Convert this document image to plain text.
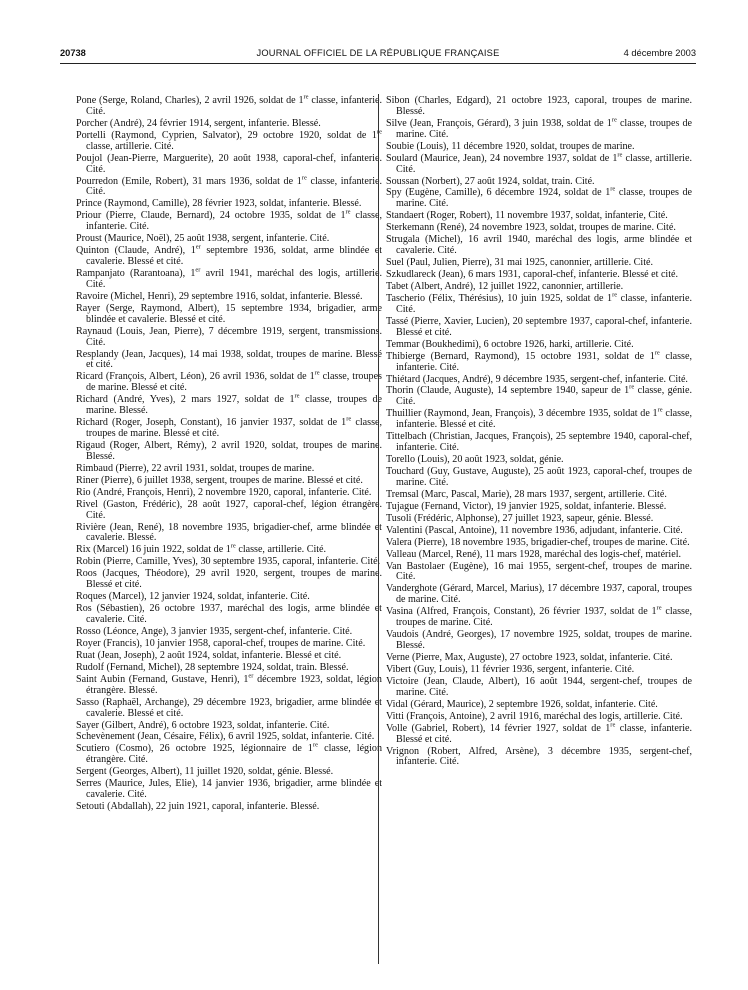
20738	JOURNAL OFFICIEL DE LA RÉPUBLIQUE FRANÇAISE	4 décembre 2003
Pone (Serge, Roland, Charles), 2 avril 1926, soldat de 1re classe, infanterie. Cité.
Porcher (André), 24 février 1914, sergent, infanterie. Blessé.
Portelli (Raymond, Cyprien, Salvator), 29 octobre 1920, soldat de 1re classe, artillerie. Cité.
Poujol (Jean-Pierre, Marguerite), 20 août 1938, caporal-chef, infanterie. Cité.
Pourredon (Emile, Robert), 31 mars 1936, soldat de 1re classe, infanterie. Cité.
Prince (Raymond, Camille), 28 février 1923, soldat, infanterie. Blessé.
Priour (Pierre, Claude, Bernard), 24 octobre 1935, soldat de 1re classe, infanterie. Cité.
Proust (Maurice, Noël), 25 août 1938, sergent, infanterie. Cité.
Quinton (Claude, André), 1er septembre 1936, soldat, arme blindée et cavalerie. Blessé et cité.
Rampanjato (Rarantoana), 1er avril 1941, maréchal des logis, artillerie. Cité.
Ravoire (Michel, Henri), 29 septembre 1916, soldat, infanterie. Blessé.
Rayer (Serge, Raymond, Albert), 15 septembre 1934, brigadier, arme blindée et cavalerie. Blessé et cité.
Raynaud (Louis, Jean, Pierre), 7 décembre 1919, sergent, transmissions. Cité.
Resplandy (Jean, Jacques), 14 mai 1938, soldat, troupes de marine. Blessé et cité.
Ricard (François, Albert, Léon), 26 avril 1936, soldat de 1re classe, troupes de marine. Blessé et cité.
Richard (André, Yves), 2 mars 1927, soldat de 1re classe, troupes de marine. Blessé.
Richard (Roger, Joseph, Constant), 16 janvier 1937, soldat de 1re classe, troupes de marine. Blessé et cité.
Rigaud (Roger, Albert, Rémy), 2 avril 1920, soldat, troupes de marine. Blessé.
Rimbaud (Pierre), 22 avril 1931, soldat, troupes de marine.
Riner (Pierre), 6 juillet 1938, sergent, troupes de marine. Blessé et cité.
Rio (André, François, Henri), 2 novembre 1920, caporal, infanterie. Cité.
Rivel (Gaston, Frédéric), 28 août 1927, caporal-chef, légion étrangère. Cité.
Rivière (Jean, René), 18 novembre 1935, brigadier-chef, arme blindée et cavalerie. Blessé.
Rix (Marcel) 16 juin 1922, soldat de 1re classe, artillerie. Cité.
Robin (Pierre, Camille, Yves), 30 septembre 1935, caporal, infanterie. Cité.
Roos (Jacques, Théodore), 29 avril 1920, sergent, troupes de marine. Blessé et cité.
Roques (Marcel), 12 janvier 1924, soldat, infanterie. Cité.
Ros (Sébastien), 26 octobre 1937, maréchal des logis, arme blindée et cavalerie. Cité.
Rosso (Léonce, Ange), 3 janvier 1935, sergent-chef, infanterie. Cité.
Royer (Francis), 10 janvier 1958, caporal-chef, troupes de marine. Cité.
Ruat (Jean, Joseph), 2 août 1924, soldat, infanterie. Blessé et cité.
Rudolf (Fernand, Michel), 28 septembre 1924, soldat, train. Blessé.
Saint Aubin (Fernand, Gustave, Henri), 1er décembre 1923, soldat, légion étrangère. Blessé.
Sasso (Raphaël, Archange), 29 décembre 1923, brigadier, arme blindée et cavalerie. Blessé et cité.
Sayer (Gilbert, André), 6 octobre 1923, soldat, infanterie. Cité.
Schevènement (Jean, Césaire, Félix), 6 avril 1925, soldat, infanterie. Cité.
Scutiero (Cosmo), 26 octobre 1925, légionnaire de 1re classe, légion étrangère. Cité.
Sergent (Georges, Albert), 11 juillet 1920, soldat, génie. Blessé.
Serres (Maurice, Jules, Elie), 14 janvier 1936, brigadier, arme blindée et cavalerie. Cité.
Setouti (Abdallah), 22 juin 1921, caporal, infanterie. Blessé.
Sibon (Charles, Edgard), 21 octobre 1923, caporal, troupes de marine. Blessé.
Silve (Jean, François, Gérard), 3 juin 1938, soldat de 1re classe, troupes de marine. Cité.
Soubie (Louis), 11 décembre 1920, soldat, troupes de marine.
Soulard (Maurice, Jean), 24 novembre 1937, soldat de 1re classe, artillerie. Cité.
Soussan (Norbert), 27 août 1924, soldat, train. Cité.
Spy (Eugène, Camille), 6 décembre 1924, soldat de 1re classe, troupes de marine. Cité.
Standaert (Roger, Robert), 11 novembre 1937, soldat, infanterie, Cité.
Sterkemann (René), 24 novembre 1923, soldat, troupes de marine. Cité.
Strugala (Michel), 16 avril 1940, maréchal des logis, arme blindée et cavalerie. Cité.
Suel (Paul, Julien, Pierre), 31 mai 1925, canonnier, artillerie. Cité.
Szkudlareck (Jean), 6 mars 1931, caporal-chef, infanterie. Blessé et cité.
Tabet (Albert, André), 12 juillet 1922, canonnier, artillerie.
Tascherio (Félix, Thérésius), 10 juin 1925, soldat de 1re classe, infanterie. Cité.
Tassé (Pierre, Xavier, Lucien), 20 septembre 1937, caporal-chef, infanterie. Blessé et cité.
Temmar (Boukhedimi), 6 octobre 1926, harki, artillerie. Cité.
Thibierge (Bernard, Raymond), 15 octobre 1931, soldat de 1re classe, infanterie. Cité.
Thiétard (Jacques, André), 9 décembre 1935, sergent-chef, infanterie. Cité.
Thorin (Claude, Auguste), 14 septembre 1940, sapeur de 1re classe, génie. Cité.
Thuillier (Raymond, Jean, François), 3 décembre 1935, soldat de 1re classe, infanterie. Blessé et cité.
Tittelbach (Christian, Jacques, François), 25 septembre 1940, caporal-chef, infanterie. Cité.
Torello (Louis), 20 août 1923, soldat, génie.
Touchard (Guy, Gustave, Auguste), 25 août 1923, caporal-chef, troupes de marine. Cité.
Tremsal (Marc, Pascal, Marie), 28 mars 1937, sergent, artillerie. Cité.
Tujague (Fernand, Victor), 19 janvier 1925, soldat, infanterie. Blessé.
Tusoli (Frédéric, Alphonse), 27 juillet 1923, sapeur, génie. Blessé.
Valentini (Pascal, Antoine), 11 novembre 1936, adjudant, infanterie. Cité.
Valera (Pierre), 18 novembre 1935, brigadier-chef, troupes de marine. Cité.
Valleau (Marcel, René), 11 mars 1928, maréchal des logis-chef, matériel.
Van Bastolaer (Eugène), 16 mai 1955, sergent-chef, troupes de marine. Cité.
Vanderghote (Gérard, Marcel, Marius), 17 décembre 1937, caporal, troupes de marine. Cité.
Vasina (Alfred, François, Constant), 26 février 1937, soldat de 1re classe, troupes de marine. Cité.
Vaudois (André, Georges), 17 novembre 1925, soldat, troupes de marine. Blessé.
Verne (Pierre, Max, Auguste), 27 octobre 1923, soldat, infanterie. Cité.
Vibert (Guy, Louis), 11 février 1936, sergent, infanterie. Cité.
Victoire (Jean, Claude, Albert), 16 août 1944, sergent-chef, troupes de marine. Cité.
Vidal (Gérard, Maurice), 2 septembre 1926, soldat, infanterie. Cité.
Vitti (François, Antoine), 2 avril 1916, maréchal des logis, artillerie. Cité.
Volle (Gabriel, Robert), 14 février 1927, soldat de 1re classe, infanterie. Blessé et cité.
Vrignon (Robert, Alfred, Arsène), 3 décembre 1935, sergent-chef, infanterie. Cité.
